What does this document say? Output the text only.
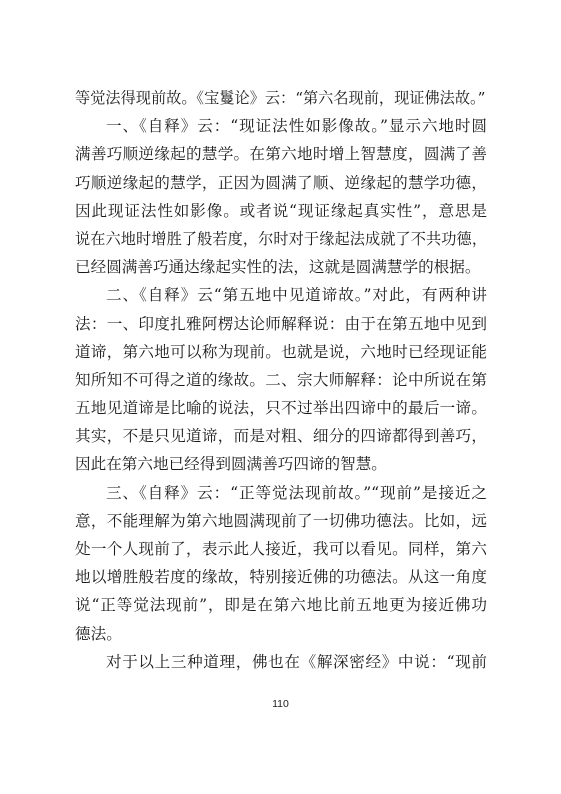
等觉法得现前故。《宝鬘论》云：“第六名现前，现证佛法故。”
一、《自释》云：“现证法性如影像故。”显示六地时圆
满善巧顺逆缘起的慧学。在第六地时增上智慧度，圆满了善
巧顺逆缘起的慧学，正因为圆满了顺、逆缘起的慧学功德，
因此现证法性如影像。或者说“现证缘起真实性”，意思是
说在六地时增胜了般若度，尔时对于缘起法成就了不共功德，
已经圆满善巧通达缘起实性的法，这就是圆满慧学的根据。
二、《自释》云“第五地中见道谛故。”对此，有两种讲
法：一、印度扎雅阿楞达论师解释说：由于在第五地中见到
道谛，第六地可以称为现前。也就是说，六地时已经现证能
知所知不可得之道的缘故。二、宗大师解释：论中所说在第
五地见道谛是比喻的说法，只不过举出四谛中的最后一谛。
其实，不是只见道谛，而是对粗、细分的四谛都得到善巧，
因此在第六地已经得到圆满善巧四谛的智慧。
三、《自释》云：“正等觉法现前故。”“现前”是接近之
意，不能理解为第六地圆满现前了一切佛功德法。比如，远
处一个人现前了，表示此人接近，我可以看见。同样，第六
地以增胜般若度的缘故，特别接近佛的功德法。从这一角度
说“正等觉法现前”，即是在第六地比前五地更为接近佛功
德法。
对于以上三种道理，佛也在《解深密经》中说：“现前
110
